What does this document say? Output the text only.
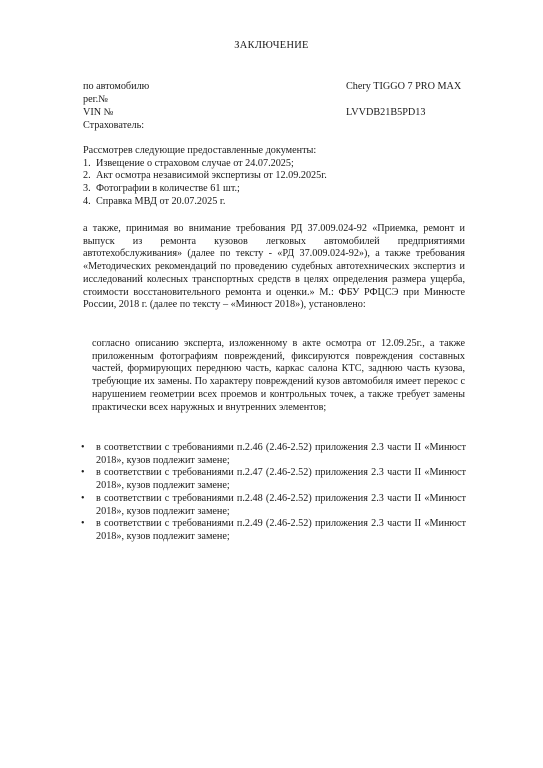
ЗАКЛЮЧЕНИЕ
по автомобилю	Chery TIGGO 7 PRO MAX
рег.№
VIN №	LVVDB21B5PD13
Страхователь:
Рассмотрев следующие предоставленные документы:
1. Извещение о страховом случае от 24.07.2025;
2. Акт осмотра независимой экспертизы от 12.09.2025г.
3. Фотографии в количестве 61 шт.;
4. Справка МВД от 20.07.2025 г.
а также, принимая во внимание требования РД 37.009.024-92 «Приемка, ремонт и выпуск из ремонта кузовов легковых автомобилей предприятиями автотехобслуживания» (далее по тексту - «РД 37.009.024-92»), а также требования «Методических рекомендаций по проведению судебных автотехнических экспертиз и исследований колесных транспортных средств в целях определения размера ущерба, стоимости восстановительного ремонта и оценки.» М.: ФБУ РФЦСЭ при Минюсте России, 2018 г. (далее по тексту – «Минюст 2018»), установлено:
согласно описанию эксперта, изложенному в акте осмотра от 12.09.25г., а также приложенным фотографиям повреждений, фиксируются повреждения составных частей, формирующих переднюю часть, каркас салона КТС, заднюю часть кузова, требующие их замены. По характеру повреждений кузов автомобиля имеет перекос с нарушением геометрии всех проемов и контрольных точек, а также требует замены практически всех наружных и внутренних элементов;
• в соответствии с требованиями п.2.46 (2.46-2.52) приложения 2.3 части II «Минюст 2018», кузов подлежит замене;
• в соответствии с требованиями п.2.47 (2.46-2.52) приложения 2.3 части II «Минюст 2018», кузов подлежит замене;
• в соответствии с требованиями п.2.48 (2.46-2.52) приложения 2.3 части II «Минюст 2018», кузов подлежит замене;
• в соответствии с требованиями п.2.49 (2.46-2.52) приложения 2.3 части II «Минюст 2018», кузов подлежит замене;
